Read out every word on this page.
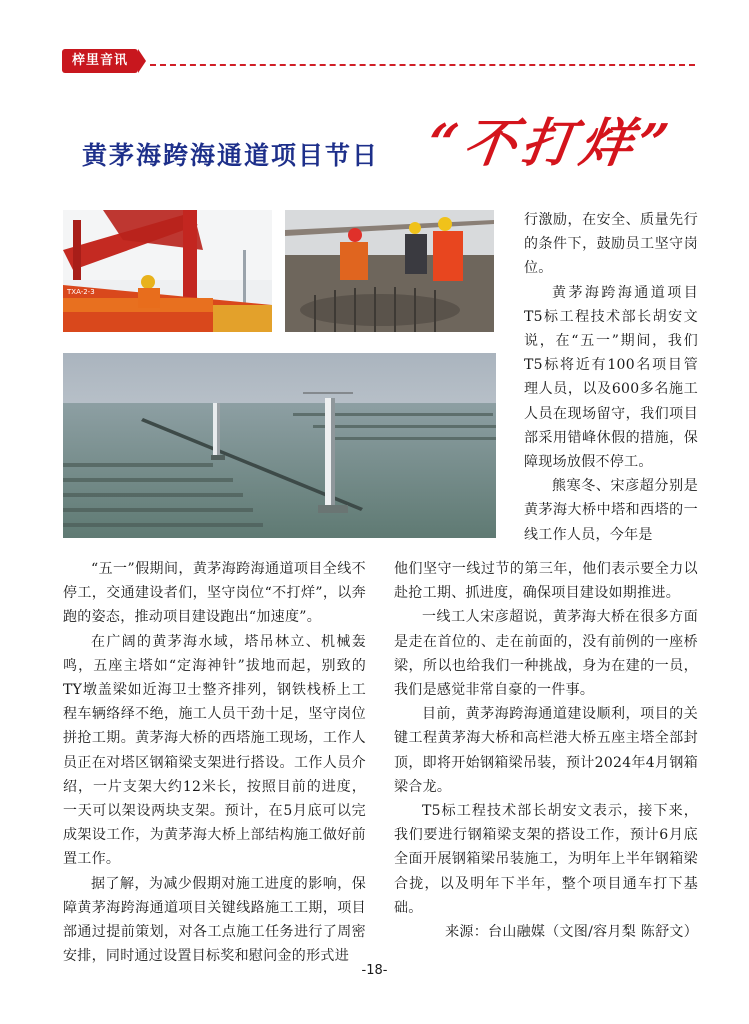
梓里音讯
黄茅海跨海通道项目节日 “不打烊”
TXA-2-3

行激励，在安全、质量先行的条件下，鼓励员工坚守岗位。

黄茅海跨海通道项目T5标工程技术部长胡安文说，在“五一”期间，我们T5标将近有100名项目管理人员，以及600多名施工人员在现场留守，我们项目部采用错峰休假的措施，保障现场放假不停工。

熊寒冬、宋彦超分别是黄茅海大桥中塔和西塔的一线工作人员，今年是

“五一”假期间，黄茅海跨海通道项目全线不停工，交通建设者们，坚守岗位“不打烊”，以奔跑的姿态，推动项目建设跑出“加速度”。

在广阔的黄茅海水域，塔吊林立、机械轰鸣，五座主塔如“定海神针”拔地而起，别致的TY墩盖梁如近海卫士整齐排列，钢铁栈桥上工程车辆络绎不绝，施工人员干劲十足，坚守岗位拼抢工期。黄茅海大桥的西塔施工现场，工作人员正在对塔区钢箱梁支架进行搭设。工作人员介绍，一片支架大约12米长，按照目前的进度，一天可以架设两块支架。预计，在5月底可以完成架设工作，为黄茅海大桥上部结构施工做好前置工作。

据了解，为减少假期对施工进度的影响，保障黄茅海跨海通道项目关键线路施工工期，项目部通过提前策划，对各工点施工任务进行了周密安排，同时通过设置目标奖和慰问金的形式进

他们坚守一线过节的第三年，他们表示要全力以赴抢工期、抓进度，确保项目建设如期推进。

一线工人宋彦超说，黄茅海大桥在很多方面是走在首位的、走在前面的，没有前例的一座桥梁，所以也给我们一种挑战，身为在建的一员，我们是感觉非常自豪的一件事。

目前，黄茅海跨海通道建设顺利，项目的关键工程黄茅海大桥和高栏港大桥五座主塔全部封顶，即将开始钢箱梁吊装，预计2024年4月钢箱梁合龙。

T5标工程技术部长胡安文表示，接下来，我们要进行钢箱梁支架的搭设工作，预计6月底全面开展钢箱梁吊装施工，为明年上半年钢箱梁合拢，以及明年下半年，整个项目通车打下基础。

来源：台山融媒（文图/容月梨 陈舒文）

-18-
